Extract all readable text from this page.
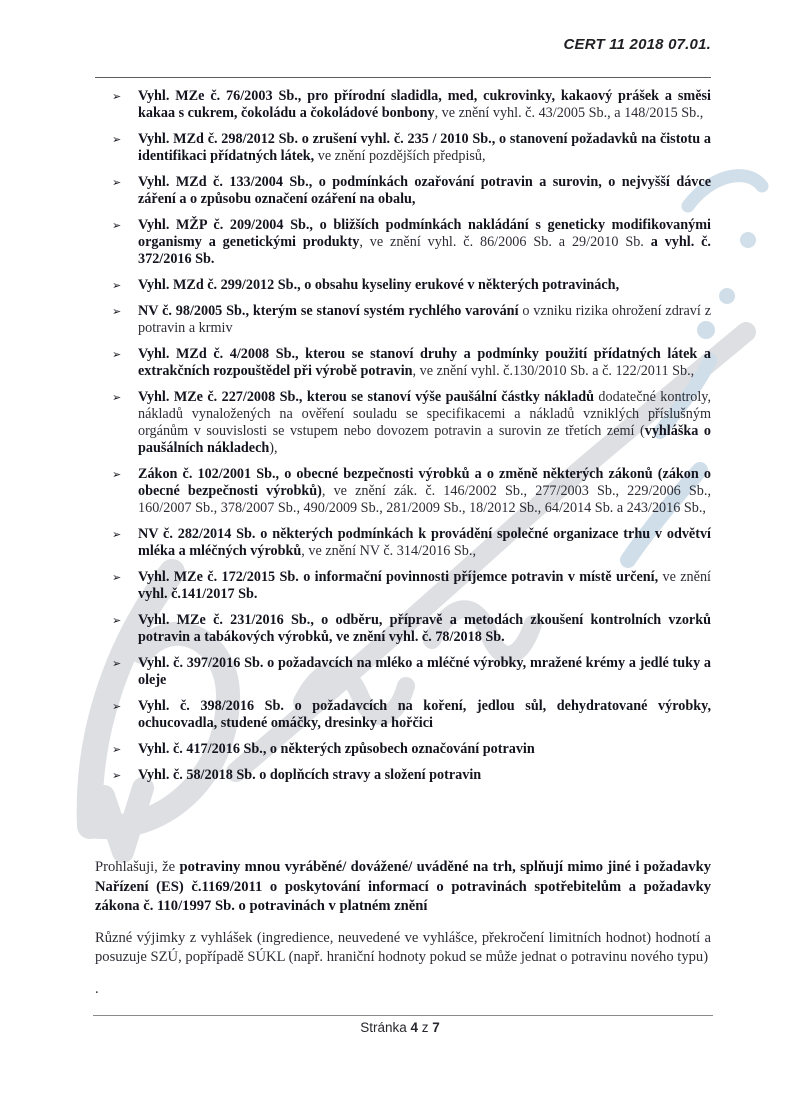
CERT 11 2018 07.01.
➢	Vyhl. MZe č. 76/2003 Sb., pro přírodní sladidla, med, cukrovinky, kakaový prášek a směsi kakaa s cukrem, čokoládu a čokoládové bonbony, ve znění vyhl. č. 43/2005 Sb., a 148/2015 Sb.,

➢	Vyhl. MZd č. 298/2012 Sb. o zrušení vyhl. č. 235 / 2010 Sb., o stanovení požadavků na čistotu a identifikaci přídatných látek, ve znění pozdějších předpisů,

➢	Vyhl. MZd č. 133/2004 Sb., o podmínkách ozařování potravin a surovin, o nejvyšší dávce záření a o způsobu označení ozáření na obalu,

➢	Vyhl. MŽP č. 209/2004 Sb., o bližších podmínkách nakládání s geneticky modifikovanými organismy a genetickými produkty, ve znění vyhl. č. 86/2006 Sb. a 29/2010 Sb. a vyhl. č. 372/2016 Sb.

➢	Vyhl. MZd č. 299/2012 Sb., o obsahu kyseliny erukové v některých potravinách,

➢	NV č. 98/2005 Sb., kterým se stanoví systém rychlého varování o vzniku rizika ohrožení zdraví z potravin a krmiv

➢	Vyhl. MZd č. 4/2008 Sb., kterou se stanoví druhy a podmínky použití přídatných látek a extrakčních rozpouštědel při výrobě potravin, ve znění vyhl. č.130/2010 Sb. a č. 122/2011 Sb.,

➢	Vyhl. MZe č. 227/2008 Sb., kterou se stanoví výše paušální částky nákladů dodatečné kontroly, nákladů vynaložených na ověření souladu se specifikacemi a nákladů vzniklých příslušným orgánům v souvislosti se vstupem nebo dovozem potravin a surovin ze třetích zemí (vyhláška o paušálních nákladech),

➢	Zákon č. 102/2001 Sb., o obecné bezpečnosti výrobků a o změně některých zákonů (zákon o obecné bezpečnosti výrobků), ve znění zák. č. 146/2002 Sb., 277/2003 Sb., 229/2006 Sb., 160/2007 Sb., 378/2007 Sb., 490/2009 Sb., 281/2009 Sb., 18/2012 Sb., 64/2014 Sb. a 243/2016 Sb.,

➢	NV č. 282/2014 Sb. o některých podmínkách k provádění společné organizace trhu v odvětví mléka a mléčných výrobků, ve znění NV č. 314/2016 Sb.,

➢	Vyhl. MZe č. 172/2015 Sb. o informační povinnosti příjemce potravin v místě určení, ve znění vyhl. č.141/2017 Sb.

➢	Vyhl. MZe č. 231/2016 Sb., o odběru, přípravě a metodách zkoušení kontrolních vzorků potravin a tabákových výrobků, ve znění vyhl. č. 78/2018 Sb.

➢	Vyhl. č. 397/2016 Sb. o požadavcích na mléko a mléčné výrobky, mražené krémy a jedlé tuky a oleje

➢	Vyhl. č. 398/2016 Sb. o požadavcích na koření, jedlou sůl, dehydratované výrobky, ochucovadla, studené omáčky, dresinky a hořčici

➢	Vyhl. č. 417/2016 Sb., o některých způsobech označování potravin

➢	Vyhl. č. 58/2018 Sb. o doplňcích stravy a složení potravin

Prohlašuji, že potraviny mnou vyráběné/ dovážené/ uváděné na trh, splňují mimo jiné i požadavky Nařízení (ES) č.1169/2011 o poskytování informací o potravinách spotřebitelům a požadavky zákona č. 110/1997 Sb. o potravinách v platném znění

Různé výjimky z vyhlášek (ingredience, neuvedené ve vyhlášce, překročení limitních hodnot) hodnotí a posuzuje SZÚ, popřípadě SÚKL (např. hraniční hodnoty pokud se může jednat o potravinu nového typu)

.

Stránka 4 z 7
